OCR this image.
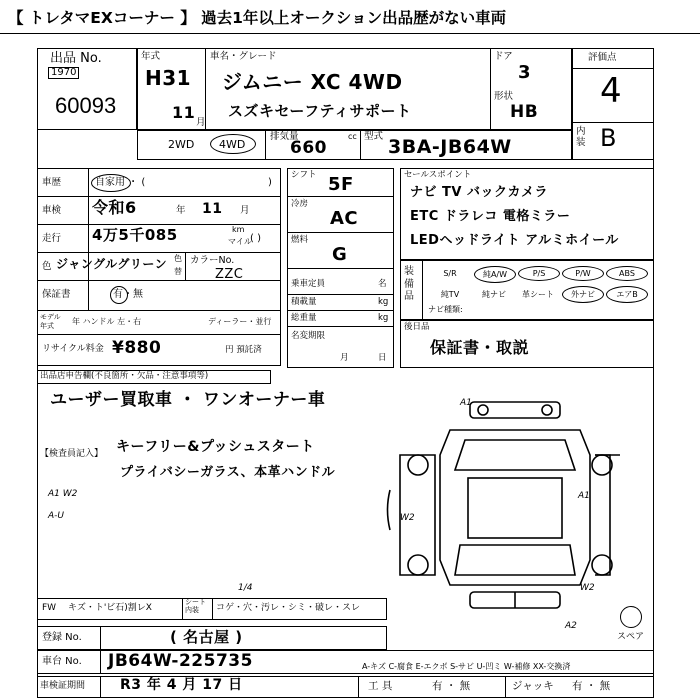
【 トレタマEXコーナー 】 過去1年以上オークション出品歴がない車両
出品 No.
1970
60093
年式
H31
11
月
車名・グレード
ジムニー XC 4WD
スズキセーフティサポート
ドア
3
形状
HB
評価点
4
内装 B
2WD 4WD
排気量
660
cc 型式 3BA-JB64W
車歴	自家用 ・ (	)
車検 令和6	年 11 月
走行 4万5千085	km
マイル
( )
色 ジャングルグリーン 色
替
カラーNo.
ZZC
保証書	有・無
モデル
年式 年 ハンドル 左・右	ディーラー・並行
リサイクル料金 ¥880	円 預託済
シフト 5F
冷房
AC
燃料
G
乗車定員	名
積載量	kg
総重量	kg
名変期限
月	日
セールスポイント
ナビ TV バックカメラ
ETC ドラレコ 電格ミラー
LEDヘッドライト アルミホイール
装備品
ナビ種類:
後日品
保証書・取説
出品店申告欄(不良箇所・欠品・注意事項等)
ユーザー買取車 ・ ワンオーナー車
【検査員記入】 キーフリー&プッシュスタート
プライバシーガラス、本革ハンドル
A1 W2
A-U
A1
W2
W2
A2
A1
FW キズ・ト'ビ石)割レX
シート内装	コゲ・穴・汚レ・シミ・破レ・スレ
1/4
登録 No.	( 名古屋 )
車台 No. JB64W-225735
スペア
A-キズ C-腐食 E-エクボ S-サビ U-凹ミ W-補修 XX-交換済
車検証期間 R3 年 4 月 17 日	工 具	有 ・ 無	ジャッキ 有 ・ 無
S/R	純A/W	P/S	P/W	ABS
純TV	純ナビ	革シート	外ナビ	エアB
